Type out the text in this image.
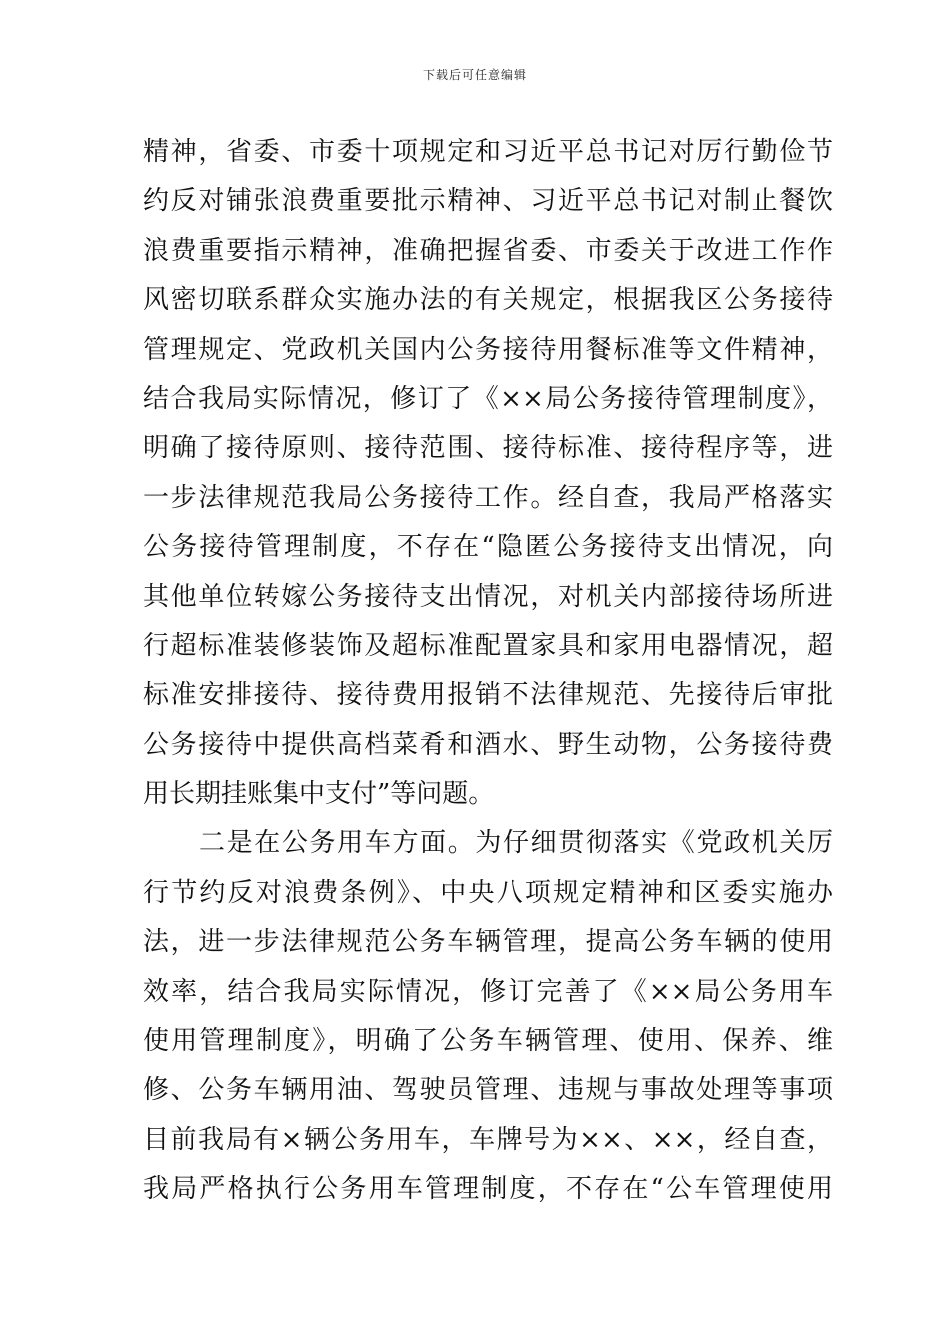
下载后可任意编辑
精神，省委、市委十项规定和习近平总书记对厉行勤俭节
约反对铺张浪费重要批示精神、习近平总书记对制止餐饮
浪费重要指示精神，准确把握省委、市委关于改进工作作
风密切联系群众实施办法的有关规定，根据我区公务接待
管理规定、党政机关国内公务接待用餐标准等文件精神，
结合我局实际情况，修订了《××局公务接待管理制度》，
明确了接待原则、接待范围、接待标准、接待程序等，进
一步法律规范我局公务接待工作。经自查，我局严格落实
公务接待管理制度，不存在“隐匿公务接待支出情况，向
其他单位转嫁公务接待支出情况，对机关内部接待场所进
行超标准装修装饰及超标准配置家具和家用电器情况，超
标准安排接待、接待费用报销不法律规范、先接待后审批
公务接待中提供高档菜肴和酒水、野生动物，公务接待费
用长期挂账集中支付”等问题。
二是在公务用车方面。为仔细贯彻落实《党政机关厉
行节约反对浪费条例》、中央八项规定精神和区委实施办
法，进一步法律规范公务车辆管理，提高公务车辆的使用
效率，结合我局实际情况，修订完善了《××局公务用车
使用管理制度》，明确了公务车辆管理、使用、保养、维
修、公务车辆用油、驾驶员管理、违规与事故处理等事项
目前我局有×辆公务用车，车牌号为××、××，经自查，
我局严格执行公务用车管理制度，不存在“公车管理使用
